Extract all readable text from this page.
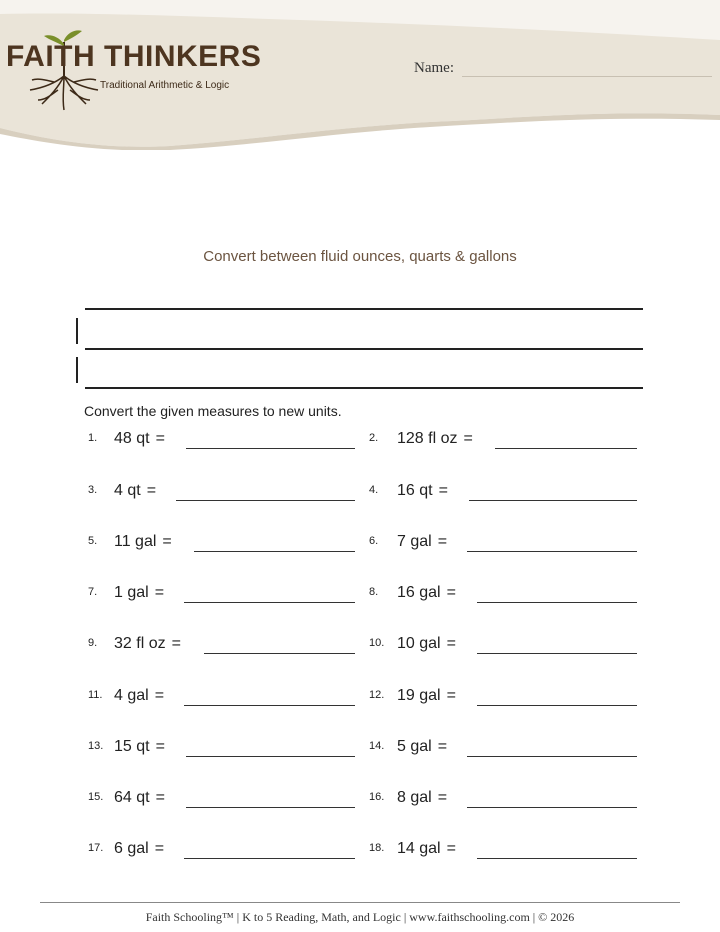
FAITH THINKERS
Traditional Arithmetic & Logic
Name:
Convert between fluid ounces, quarts & gallons
Convert the given measures to new units.
1. 48 qt =	2. 128 fl oz =
3. 4 qt =	4. 16 qt =
5. 11 gal =	6. 7 gal =
7. 1 gal =	8. 16 gal =
9. 32 fl oz =	10. 10 gal =
11. 4 gal =	12. 19 gal =
13. 15 qt =	14. 5 gal =
15. 64 qt =	16. 8 gal =
17. 6 gal =	18. 14 gal =
Faith Schooling™ | K to 5 Reading, Math, and Logic | www.faithschooling.com | © 2026
